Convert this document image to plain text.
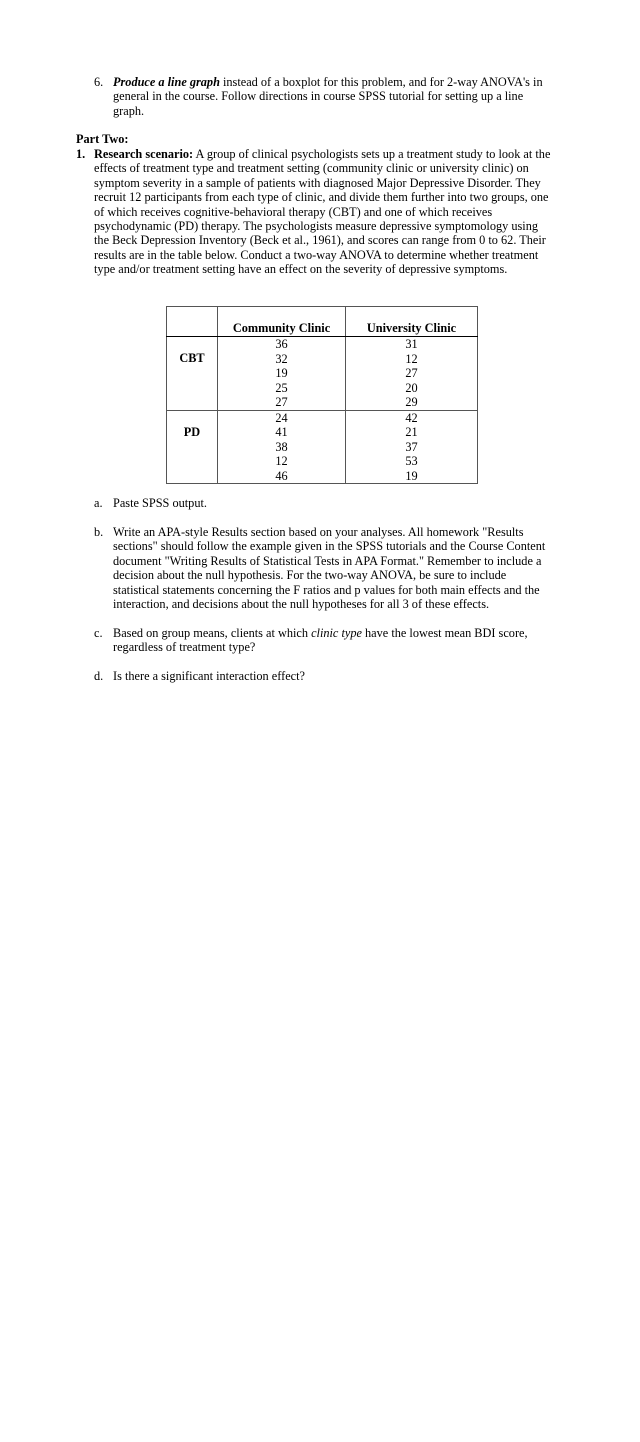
6. Produce a line graph instead of a boxplot for this problem, and for 2-way ANOVA's in
general in the course. Follow directions in course SPSS tutorial for setting up a line
graph.
Part Two:
1. Research scenario: A group of clinical psychologists sets up a treatment study to look at the
effects of treatment type and treatment setting (community clinic or university clinic) on
symptom severity in a sample of patients with diagnosed Major Depressive Disorder. They
recruit 12 participants from each type of clinic, and divide them further into two groups, one
of which receives cognitive-behavioral therapy (CBT) and one of which receives
psychodynamic (PD) therapy. The psychologists measure depressive symptomology using
the Beck Depression Inventory (Beck et al., 1961), and scores can range from 0 to 62. Their
results are in the table below. Conduct a two-way ANOVA to determine whether treatment
type and/or treatment setting have an effect on the severity of depressive symptoms.
	Community Clinic	University Clinic
CBT	36	31
	32	12
	19	27
	25	20
	27	29
PD	24	42
	41	21
	38	37
	12	53
	46	19
a. Paste SPSS output.
b. Write an APA-style Results section based on your analyses. All homework "Results
sections" should follow the example given in the SPSS tutorials and the Course Content
document "Writing Results of Statistical Tests in APA Format." Remember to include a
decision about the null hypothesis. For the two-way ANOVA, be sure to include
statistical statements concerning the F ratios and p values for both main effects and the
interaction, and decisions about the null hypotheses for all 3 of these effects.
c. Based on group means, clients at which clinic type have the lowest mean BDI score,
regardless of treatment type?
d. Is there a significant interaction effect?
